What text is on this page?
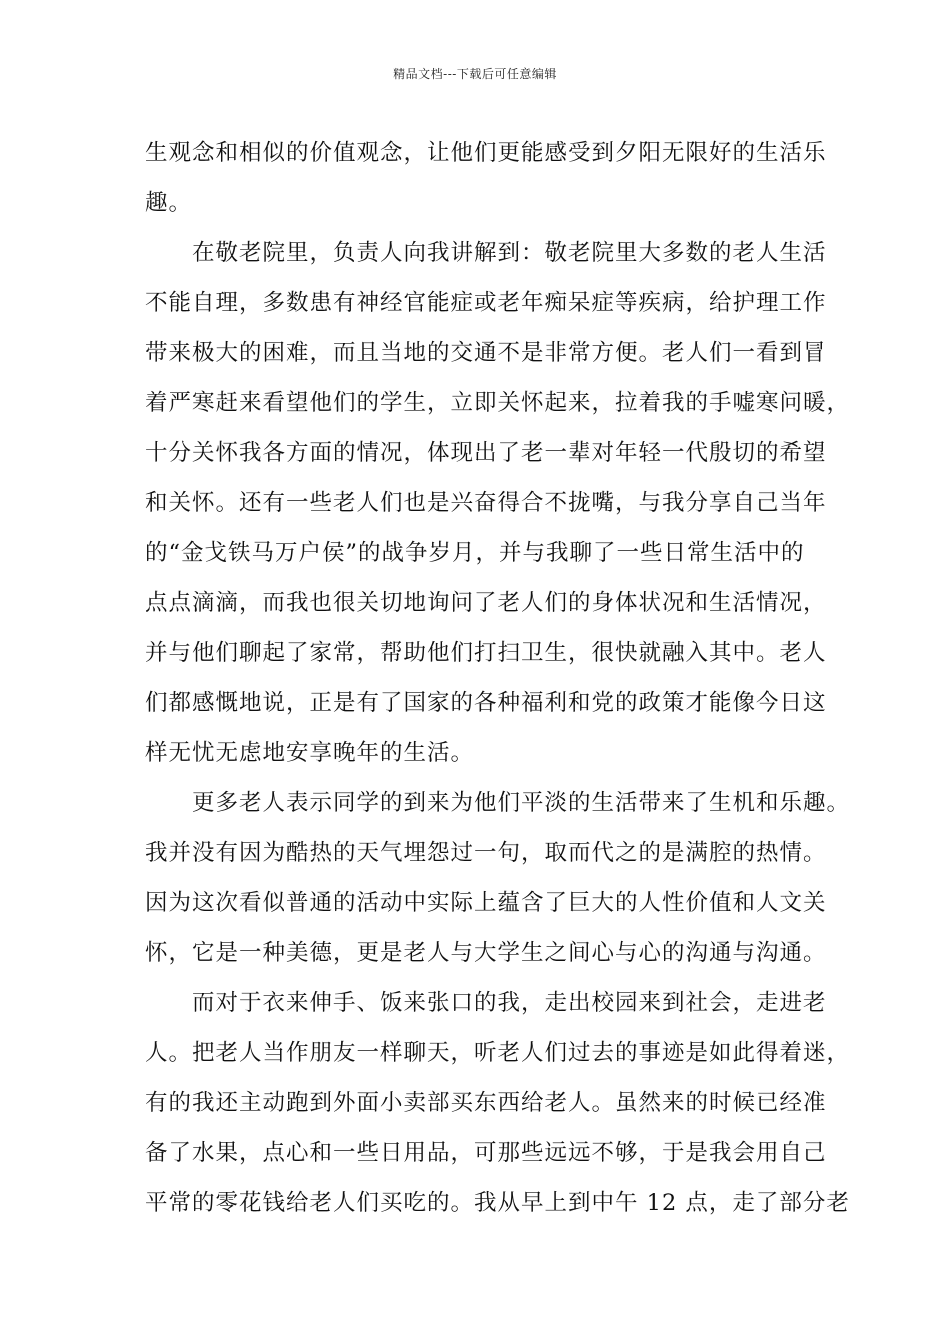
精品文档---下载后可任意编辑
生观念和相似的价值观念，让他们更能感受到夕阳无限好的生活乐
趣。
在敬老院里，负责人向我讲解到：敬老院里大多数的老人生活
不能自理，多数患有神经官能症或老年痴呆症等疾病，给护理工作
带来极大的困难，而且当地的交通不是非常方便。老人们一看到冒
着严寒赶来看望他们的学生，立即关怀起来，拉着我的手嘘寒问暖，
十分关怀我各方面的情况，体现出了老一辈对年轻一代殷切的希望
和关怀。还有一些老人们也是兴奋得合不拢嘴，与我分享自己当年
的“金戈铁马万户侯”的战争岁月，并与我聊了一些日常生活中的
点点滴滴，而我也很关切地询问了老人们的身体状况和生活情况，
并与他们聊起了家常，帮助他们打扫卫生，很快就融入其中。老人
们都感慨地说，正是有了国家的各种福利和党的政策才能像今日这
样无忧无虑地安享晚年的生活。
更多老人表示同学的到来为他们平淡的生活带来了生机和乐趣。
我并没有因为酷热的天气埋怨过一句，取而代之的是满腔的热情。
因为这次看似普通的活动中实际上蕴含了巨大的人性价值和人文关
怀，它是一种美德，更是老人与大学生之间心与心的沟通与沟通。
而对于衣来伸手、饭来张口的我，走出校园来到社会，走进老
人。把老人当作朋友一样聊天，听老人们过去的事迹是如此得着迷，
有的我还主动跑到外面小卖部买东西给老人。虽然来的时候已经准
备了水果，点心和一些日用品，可那些远远不够，于是我会用自己
平常的零花钱给老人们买吃的。我从早上到中午 12 点，走了部分老
